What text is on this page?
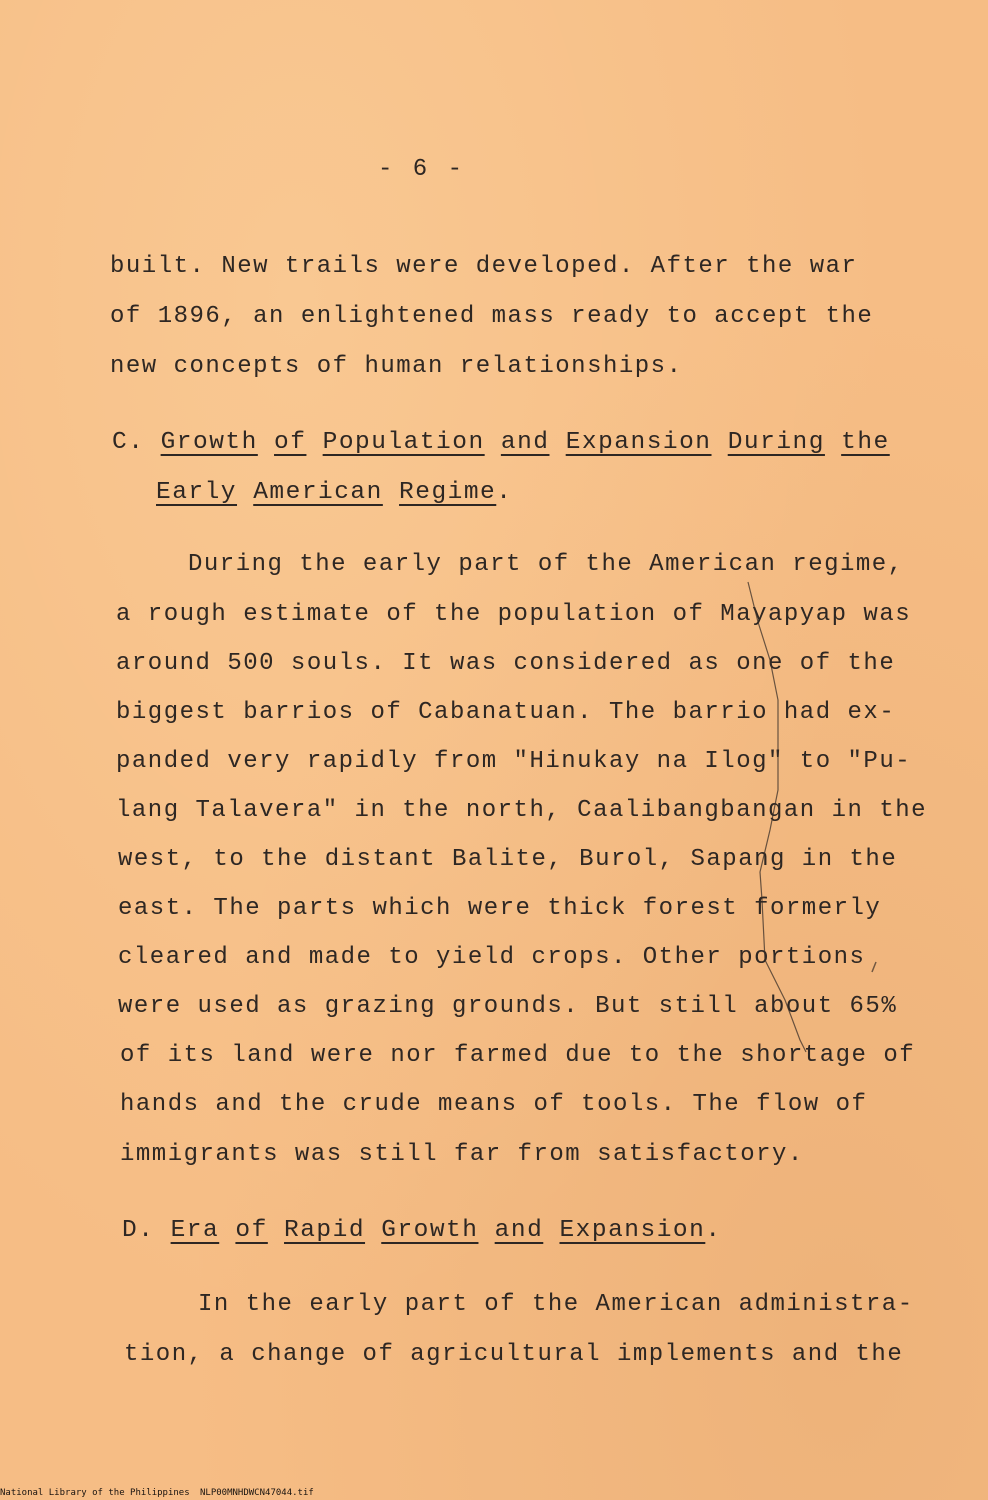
- 6 -
built. New trails were developed. After the war
of 1896, an enlightened mass ready to accept the
new concepts of human relationships.
C. Growth of Population and Expansion During the
Early American Regime.
During the early part of the American regime,
a rough estimate of the population of Mayapyap was
around 500 souls. It was considered as one of the
biggest barrios of Cabanatuan. The barrio had ex-
panded very rapidly from "Hinukay na Ilog" to "Pu-
lang Talavera" in the north, Caalibangbangan in the
west, to the distant Balite, Burol, Sapang in the
east. The parts which were thick forest formerly
cleared and made to yield crops. Other portions
were used as grazing grounds. But still about 65%
of its land were nor farmed due to the shortage of
hands and the crude means of tools. The flow of
immigrants was still far from satisfactory.
D. Era of Rapid Growth and Expansion.
In the early part of the American administra-
tion, a change of agricultural implements and the
National Library of the Philippines NLP00MNHDWCN47044.tif
